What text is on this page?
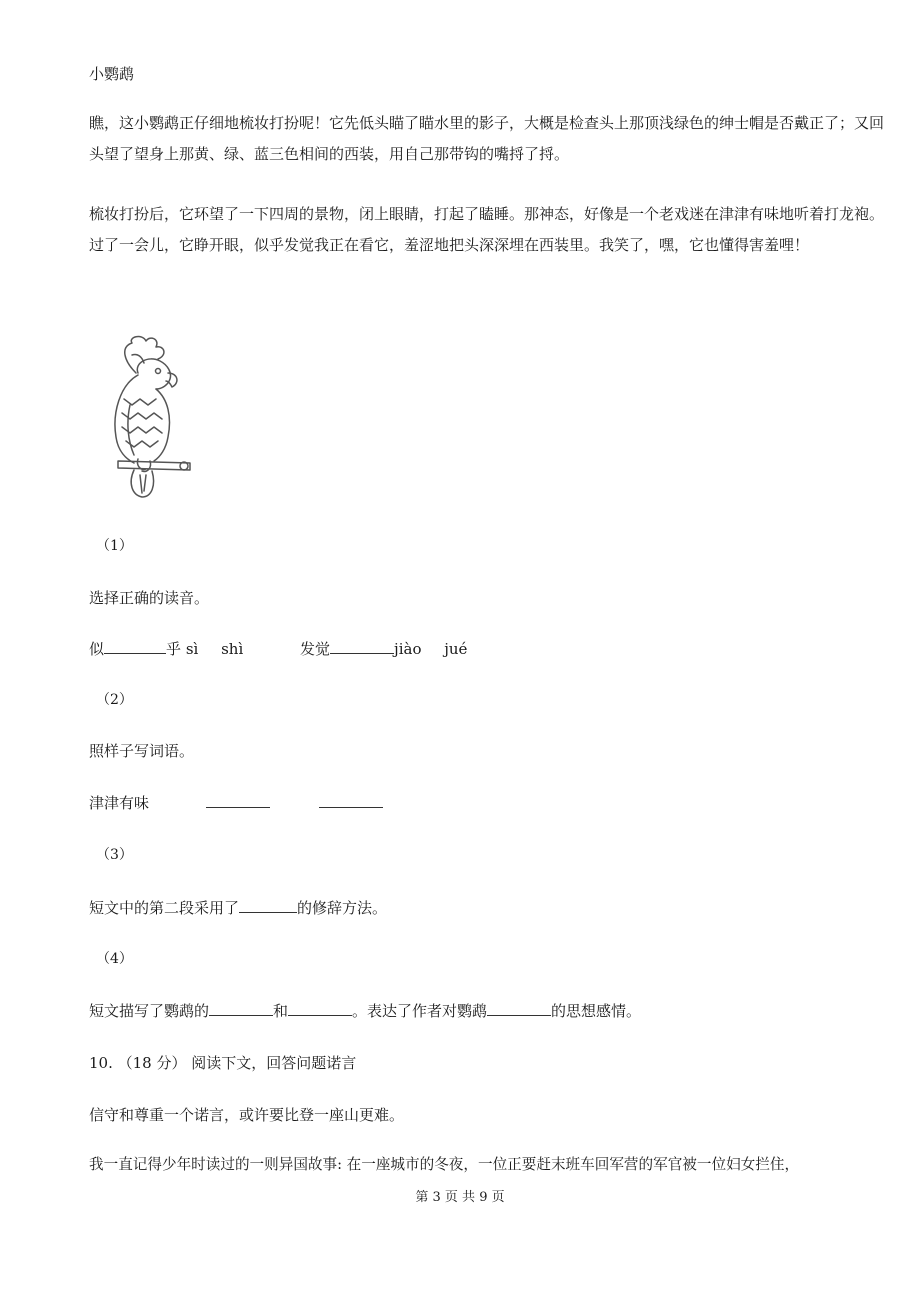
小鹦鹉
瞧，这小鹦鹉正仔细地梳妆打扮呢！它先低头瞄了瞄水里的影子，大概是检查头上那顶浅绿色的绅士帽是否戴正了；又回头望了望身上那黄、绿、蓝三色相间的西装，用自己那带钩的嘴捋了捋。
梳妆打扮后，它环望了一下四周的景物，闭上眼睛，打起了瞌睡。那神态，好像是一个老戏迷在津津有味地听着打龙袍。过了一会儿，它睁开眼，似乎发觉我正在看它，羞涩地把头深深埋在西装里。我笑了，嘿，它也懂得害羞哩！
（1）
选择正确的读音。
似	乎 sì shì	发觉	jiào jué
（2）
照样子写词语。
津津有味
（3）
短文中的第二段采用了	的修辞方法。
（4）
短文描写了鹦鹉的	和	。表达了作者对鹦鹉	的思想感情。
10. （18 分） 阅读下文，回答问题诺言
信守和尊重一个诺言，或许要比登一座山更难。
我一直记得少年时读过的一则异国故事: 在一座城市的冬夜，一位正要赶末班车回军营的军官被一位妇女拦住，
第 3 页 共 9 页
